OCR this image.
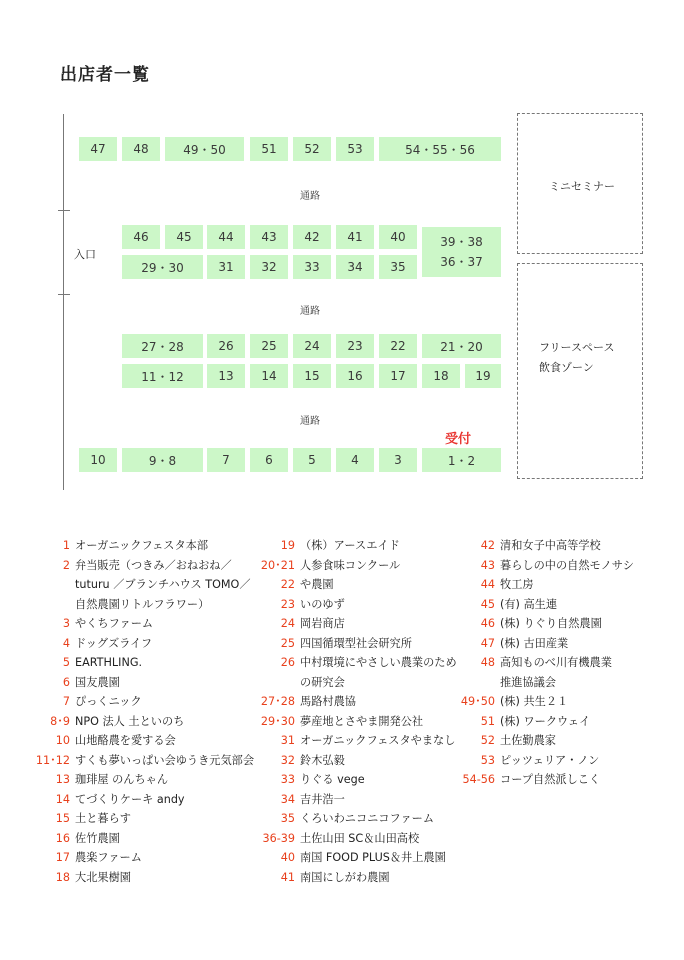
出店者一覧
入口
47	48	49・50	51	52	53	54・55・56
通路
46	45	44	43	42	41	40	39・38
36・37
29・30	31	32	33	34	35
通路
27・28	26	25	24	23	22	21・20
11・12	13	14	15	16	17	18	19
通路
受付
10	9・8	7	6	5	4	3	1・2
ミニセミナー
フリースペース
飲食ゾーン
1 オーガニックフェスタ本部
2 弁当販売（つきみ／おねおね／
tuturu ／ブランチハウス TOMO／
自然農園リトルフラワー）
3 やくちファーム
4 ドッグズライフ
5 EARTHLING.
6 国友農園
7 ぴっくニック
8･9 NPO 法人 土といのち
10 山地酪農を愛する会
11･12 すくも夢いっぱい会ゆうき元気部会
13 珈琲屋 のんちゃん
14 てづくりケーキ andy
15 土と暮らす
16 佐竹農園
17 農楽ファーム
18 大北果樹園
19 （株）アースエイド
20･21 人参食味コンクール
22 や農園
23 いのゆず
24 岡岩商店
25 四国循環型社会研究所
26 中村環境にやさしい農業のため
の研究会
27･28 馬路村農協
29･30 夢産地とさやま開発公社
31 オーガニックフェスタやまなし
32 鈴木弘毅
33 りぐる vege
34 吉井浩一
35 くろいわニコニコファーム
36-39 土佐山田 SC＆山田高校
40 南国 FOOD PLUS＆井上農園
41 南国にしがわ農園
42 清和女子中高等学校
43 暮らしの中の自然モノサシ
44 牧工房
45 (有) 高生連
46 (株) りぐり自然農園
47 (株) 古田産業
48 高知ものべ川有機農業
推進協議会
49･50 (株) 共生２１
51 (株) ワークウェイ
52 土佐勤農家
53 ピッツェリア・ノン
54-56 コープ自然派しこく
